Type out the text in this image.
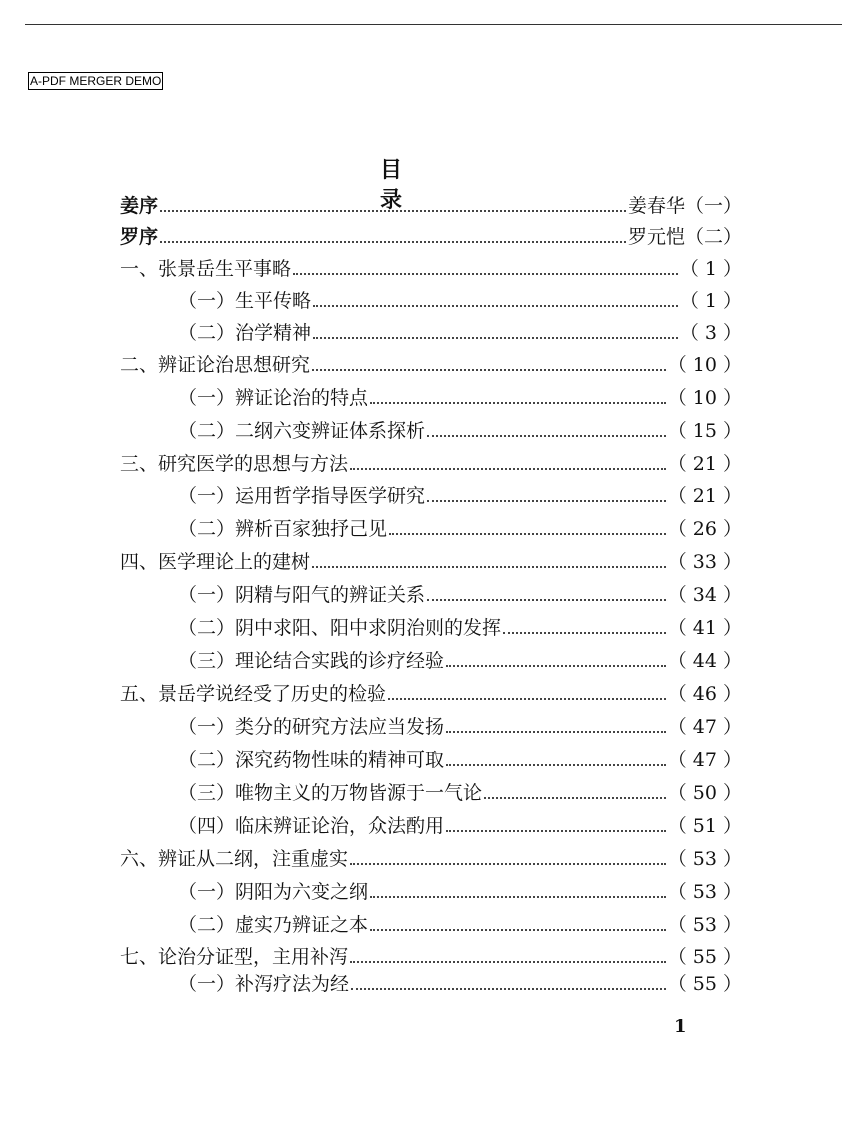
A-PDF MERGER DEMO
目　录
姜序	姜春华（一）
罗序	罗元恺（二）
一、张景岳生平事略	（ 1 ）
（一）生平传略	（ 1 ）
（二）治学精神	（ 3 ）
二、辨证论治思想研究	（ 10 ）
（一）辨证论治的特点	（ 10 ）
（二）二纲六变辨证体系探析	（ 15 ）
三、研究医学的思想与方法	（ 21 ）
（一）运用哲学指导医学研究	（ 21 ）
（二）辨析百家独抒己见	（ 26 ）
四、医学理论上的建树	（ 33 ）
（一）阴精与阳气的辨证关系	（ 34 ）
（二）阴中求阳、阳中求阴治则的发挥	（ 41 ）
（三）理论结合实践的诊疗经验	（ 44 ）
五、景岳学说经受了历史的检验	（ 46 ）
（一）类分的研究方法应当发扬	（ 47 ）
（二）深究药物性味的精神可取	（ 47 ）
（三）唯物主义的万物皆源于一气论	（ 50 ）
（四）临床辨证论治，众法酌用	（ 51 ）
六、辨证从二纲，注重虚实	（ 53 ）
（一）阴阳为六变之纲	（ 53 ）
（二）虚实乃辨证之本	（ 53 ）
七、论治分证型，主用补泻	（ 55 ）
（一）补泻疗法为经	（ 55 ）
1
